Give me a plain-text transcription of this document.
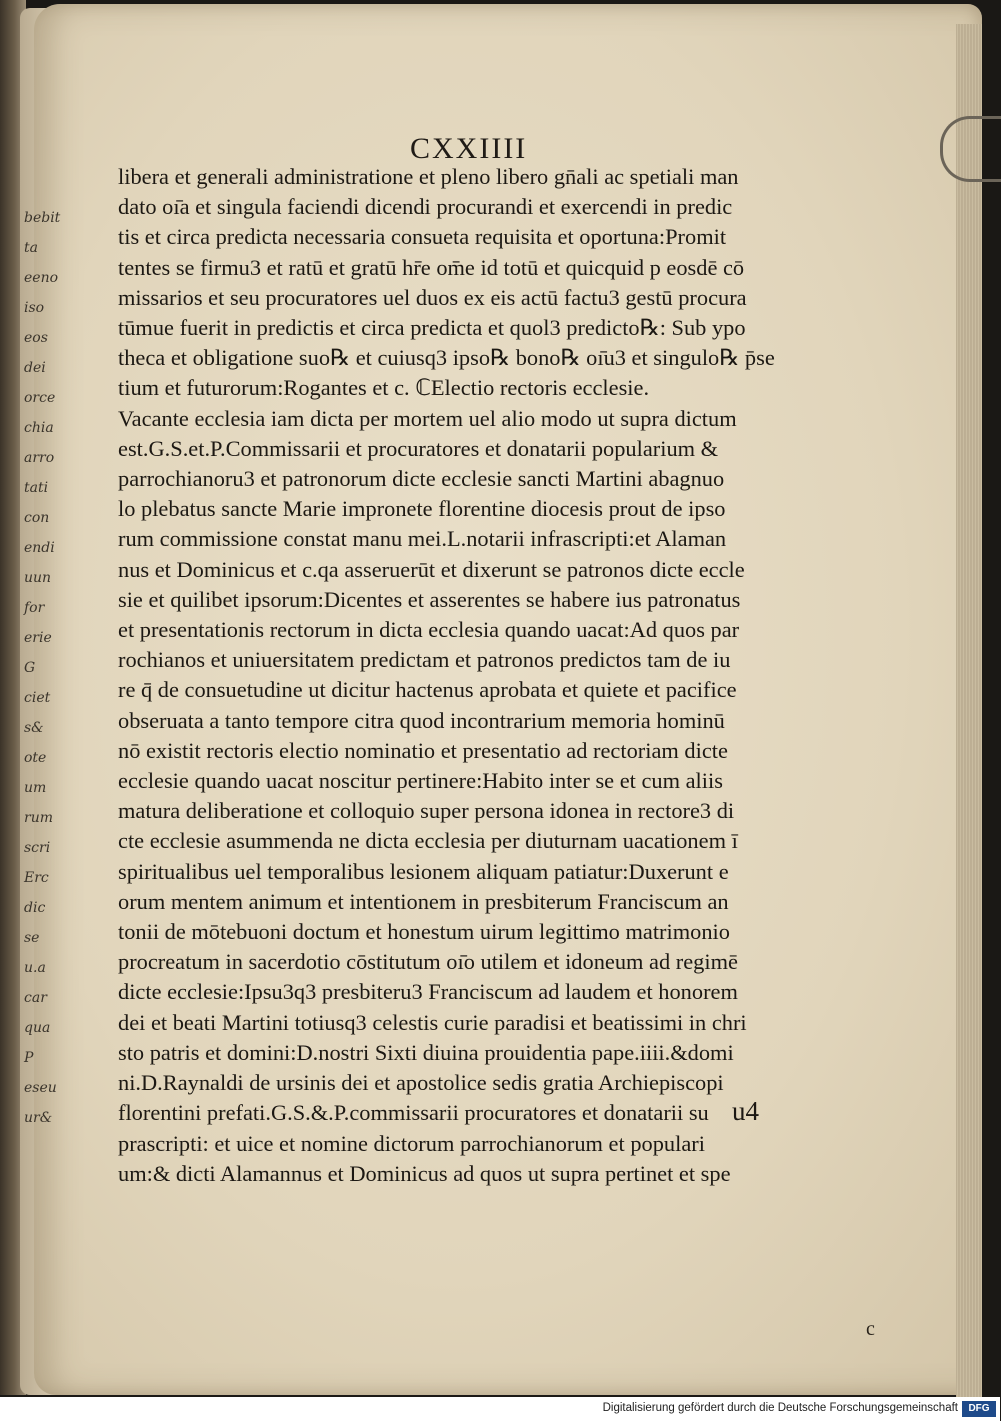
CXXIIII
libera et generali administratione et pleno libero gn̄ali ac spetiali man
dato oı̄a et singula faciendi dicendi procurandi et exercendi in predic
tis et circa predicta necessaria consueta requisita et oportuna:Promit
tentes se firmu3 et ratū et gratū hr̄e om̄e id totū et quicquid p eosdē cō
missarios et seu procuratores uel duos ex eis actū factu3 gestū procura
tūmue fuerit in predictis et circa predicta et quol3 predicto℞: Sub ypo
theca et obligatione suo℞ et cuiusq3 ipso℞ bono℞ oı̄u3 et singulo℞ p̄se
tium et futurorum:Rogantes et c. ℂElectio rectoris ecclesie.
Vacante ecclesia iam dicta per mortem uel alio modo ut supra dictum
est.G.S.et.P.Commissarii et procuratores et donatarii popularium &
parrochianoru3 et patronorum dicte ecclesie sancti Martini abagnuo
lo plebatus sancte Marie impronete florentine diocesis prout de ipso
rum commissione constat manu mei.L.notarii infrascripti:et Alaman
nus et Dominicus et c.qa asseruerūt et dixerunt se patronos dicte eccle
sie et quilibet ipsorum:Dicentes et asserentes se habere ius patronatus
et presentationis rectorum in dicta ecclesia quando uacat:Ad quos par
rochianos et uniuersitatem predictam et patronos predictos tam de iu
re q̄ de consuetudine ut dicitur hactenus aprobata et quiete et pacifice
obseruata a tanto tempore citra quod incontrarium memoria hominū
nō existit rectoris electio nominatio et presentatio ad rectoriam dicte
ecclesie quando uacat noscitur pertinere:Habito inter se et cum aliis
matura deliberatione et colloquio super persona idonea in rectore3 di
cte ecclesie asummenda ne dicta ecclesia per diuturnam uacationem ī
spiritualibus uel temporalibus lesionem aliquam patiatur:Duxerunt e
orum mentem animum et intentionem in presbiterum Franciscum an
tonii de mōtebuoni doctum et honestum uirum legittimo matrimonio
procreatum in sacerdotio cōstitutum oı̄o utilem et idoneum ad regimē
dicte ecclesie:Ipsu3q3 presbiteru3 Franciscum ad laudem et honorem
dei et beati Martini totiusq3 celestis curie paradisi et beatissimi in chri
sto patris et domini:D.nostri Sixti diuina prouidentia pape.iiii.&domi
ni.D.Raynaldi de ursinis dei et apostolice sedis gratia Archiepiscopi
florentini prefati.G.S.&.P.commissarii procuratores et donatarii su
prascripti: et uice et nomine dictorum parrochianorum et populari
um:& dicti Alamannus et Dominicus ad quos ut supra pertinet et spe
u4
c
Digitalisierung gefördert durch die Deutsche Forschungsgemeinschaft	DFG
bebit
ta
eeno
iso
eos
dei
orce
chia
arro
tati
con
endi
uun
for
erie
G
ciet
s&
ote
um
rum
scri
Erc
dic
se
u.a
car
qua
P
eseu
ur&
